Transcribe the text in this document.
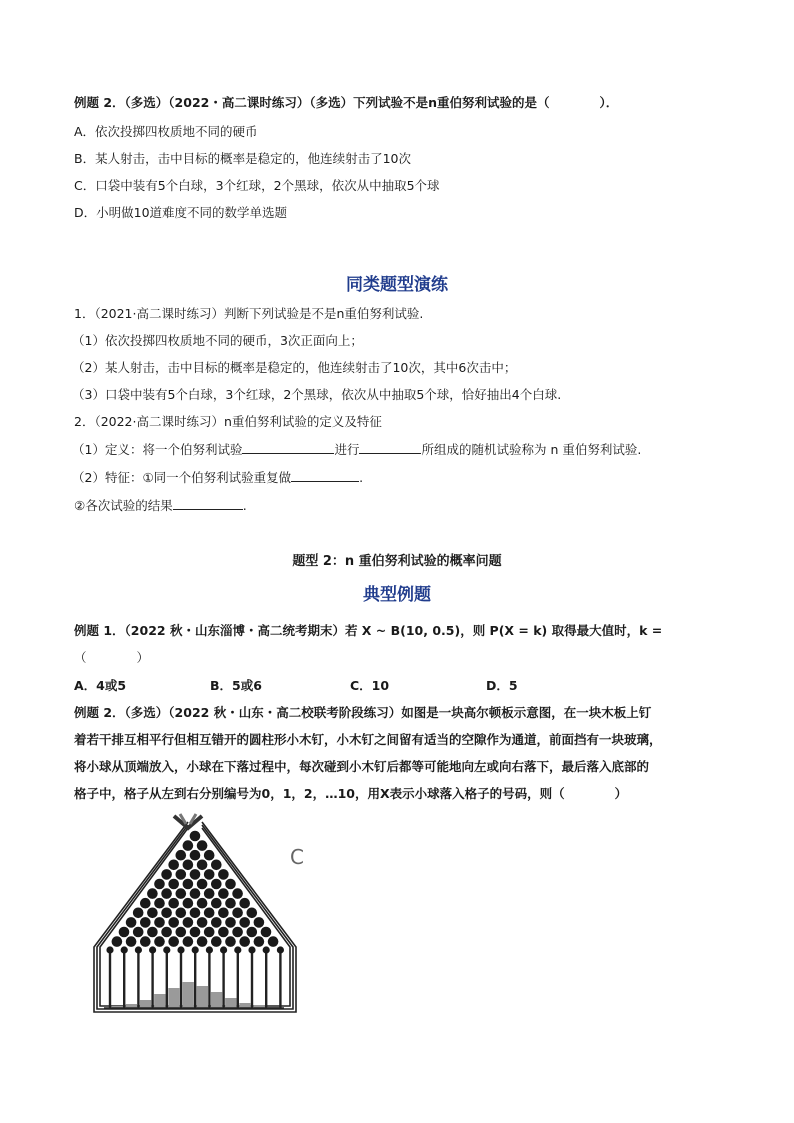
例题 2．（多选）（2022・高二课时练习）（多选）下列试验不是n重伯努利试验的是（　　　　）．
A．依次投掷四枚质地不同的硬币
B．某人射击，击中目标的概率是稳定的，他连续射击了10次
C．口袋中装有5个白球，3个红球，2个黑球，依次从中抽取5个球
D．小明做10道难度不同的数学单选题
同类题型演练
1．（2021·高二课时练习）判断下列试验是不是n重伯努利试验.
（1）依次投掷四枚质地不同的硬币，3次正面向上；
（2）某人射击，击中目标的概率是稳定的，他连续射击了10次，其中6次击中；
（3）口袋中装有5个白球，3个红球，2个黑球，依次从中抽取5个球，恰好抽出4个白球.
2．（2022·高二课时练习）n重伯努利试验的定义及特征
（1）定义：将一个伯努利试验	进行	所组成的随机试验称为 n 重伯努利试验.
（2）特征：①同一个伯努利试验重复做	.
②各次试验的结果	.
题型 2：n 重伯努利试验的概率问题
典型例题
例题 1．（2022 秋・山东淄博・高二统考期末）若 X ~ B(10, 0.5)，则 P(X = k) 取得最大值时，k =
（　　　　）
A．4或5	B．5或6	C．10	D．5
例题 2．（多选）（2022 秋・山东・高二校联考阶段练习）如图是一块高尔顿板示意图，在一块木板上钉
着若干排互相平行但相互错开的圆柱形小木钉，小木钉之间留有适当的空隙作为通道，前面挡有一块玻璃，
将小球从顶端放入，小球在下落过程中，每次碰到小木钉后都等可能地向左或向右落下，最后落入底部的
格子中，格子从左到右分别编号为0，1，2，…10，用X表示小球落入格子的号码，则（　　　　）
C
